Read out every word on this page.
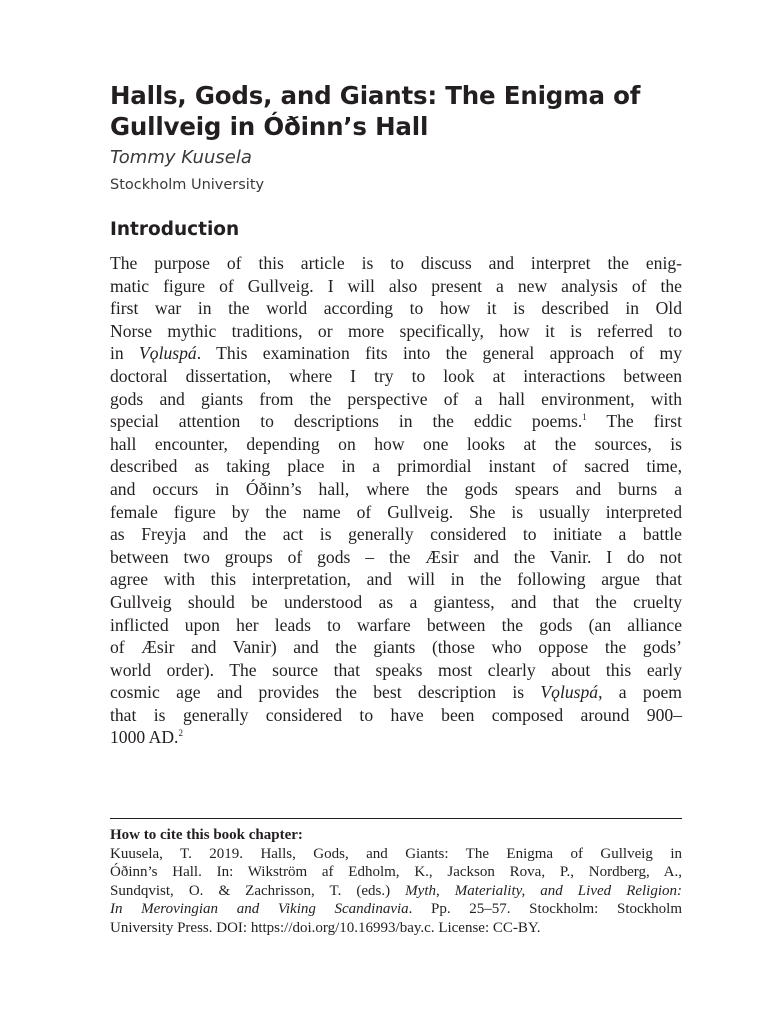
Halls, Gods, and Giants: The Enigma of Gullveig in Óðinn’s Hall
Tommy Kuusela
Stockholm University
Introduction
The purpose of this article is to discuss and interpret the enig-
matic figure of Gullveig. I will also present a new analysis of the
first war in the world according to how it is described in Old
Norse mythic traditions, or more specifically, how it is referred to
in Vǫluspá. This examination fits into the general approach of my
doctoral dissertation, where I try to look at interactions between
gods and giants from the perspective of a hall environment, with
special attention to descriptions in the eddic poems.$^1$ The first
hall encounter, depending on how one looks at the sources, is
described as taking place in a primordial instant of sacred time,
and occurs in Óðinn’s hall, where the gods spears and burns a
female figure by the name of Gullveig. She is usually interpreted
as Freyja and the act is generally considered to initiate a battle
between two groups of gods – the Æsir and the Vanir. I do not
agree with this interpretation, and will in the following argue that
Gullveig should be understood as a giantess, and that the cruelty
inflicted upon her leads to warfare between the gods (an alliance
of Æsir and Vanir) and the giants (those who oppose the gods’
world order). The source that speaks most clearly about this early
cosmic age and provides the best description is Vǫluspá, a poem
that is generally considered to have been composed around 900–
1000 AD.$^2$
How to cite this book chapter:
Kuusela, T. 2019. Halls, Gods, and Giants: The Enigma of Gullveig in
Óðinn’s Hall. In: Wikström af Edholm, K., Jackson Rova, P., Nordberg, A.,
Sundqvist, O. & Zachrisson, T. (eds.) Myth, Materiality, and Lived Religion:
In Merovingian and Viking Scandinavia. Pp. 25–57. Stockholm: Stockholm
University Press. DOI: https://doi.org/10.16993/bay.c. License: CC-BY.
